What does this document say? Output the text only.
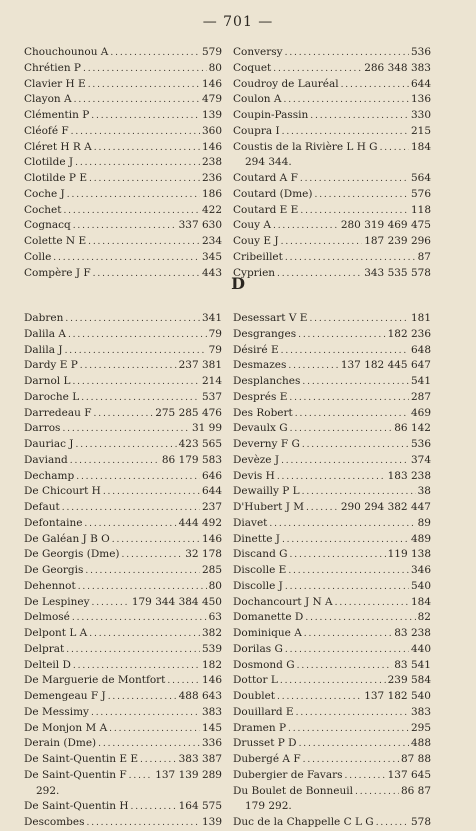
— 701 —
Chouchounou A . . .	579
Chrétien P . . .	80
Clavier H E . . .	146
Clayon A . . .	479
Clémentin P . . .	139
Cléofé F . . .	360
Cléret H R A . . .	146
Clotilde J . . .	238
Clotilde P E . . .	236
Coche J . . .	186
Cochet . . .	422
Cognacq . . .	337 630
Colette N E . . .	234
Colle . . .	345
Compère J F . . .	443
Conversy . . .	536
Coquet . . .	286 348 383
Coudroy de Lauréal . . .	644
Coulon A . . .	136
Coupin-Passin . . .	330
Coupra I . . .	215
Coustis de la Rivière L H G . . .	184
294 344.
Coutard A F . . .	564
Coutard (Dme) . . .	576
Coutard E E . . .	118
Couy A . . .	280 319 469 475
Couy E J . . .	187 239 296
Cribeillet . . .	87
Cyprien . . .	343 535 578
D
Dabren . . .	341
Dalila A . . .	79
Dalila J . . .	79
Dardy E P . . .	237 381
Darnol L . . .	214
Daroche L . . .	537
Darredeau F . . .	275 285 476
Darros . . .	31 99
Dauriac J . . .	423 565
Daviand . . .	86 179 583
Dechamp . . .	646
De Chicourt H . . .	644
Defaut . . .	237
Defontaine . . .	444 492
De Galéan J B O . . .	146
De Georgis (Dme) . . .	32 178
De Georgis . . .	285
Dehennot . . .	80
De Lespiney . . .	179 344 384 450
Delmosé . . .	63
Delpont L A . . .	382
Delprat . . .	539
Delteil D . . .	182
De Marguerie de Montfort . . .	146
Demengeau F J . . .	488 643
De Messimy . . .	383
De Monjon M A . . .	145
Derain (Dme) . . .	336
De Saint-Quentin E E . . .	383 387
De Saint-Quentin F . . .	137 139 289
292.
De Saint-Quentin H . . .	164 575
Descombes . . .	139
Desessart V E . . .	181
Desgranges . . .	182 236
Désiré E . . .	648
Desmazes . . .	137 182 445 647
Desplanches . . .	541
Després E . . .	287
Des Robert . . .	469
Devaulx G . . .	86 142
Deverny F G . . .	536
Devèze J . . .	374
Devis H . . .	183 238
Dewailly P L . . .	38
D'Hubert J M . . .	290 294 382 447
Diavet . . .	89
Dinette J . . .	489
Discand G . . .	119 138
Discolle E . . .	346
Discolle J . . .	540
Dochancourt J N A . . .	184
Domanette D . . .	82
Dominique A . . .	83 238
Dorilas G . . .	440
Dosmond G . . .	83 541
Dottor L . . .	239 584
Doublet . . .	137 182 540
Douillard E . . .	383
Dramen P . . .	295
Drusset P D . . .	488
Dubergé A F . . .	87 88
Dubergier de Favars . . .	137 645
Du Boulet de Bonneuil . . .	86 87
179 292.
Duc de la Chappelle C L G . . .	578
